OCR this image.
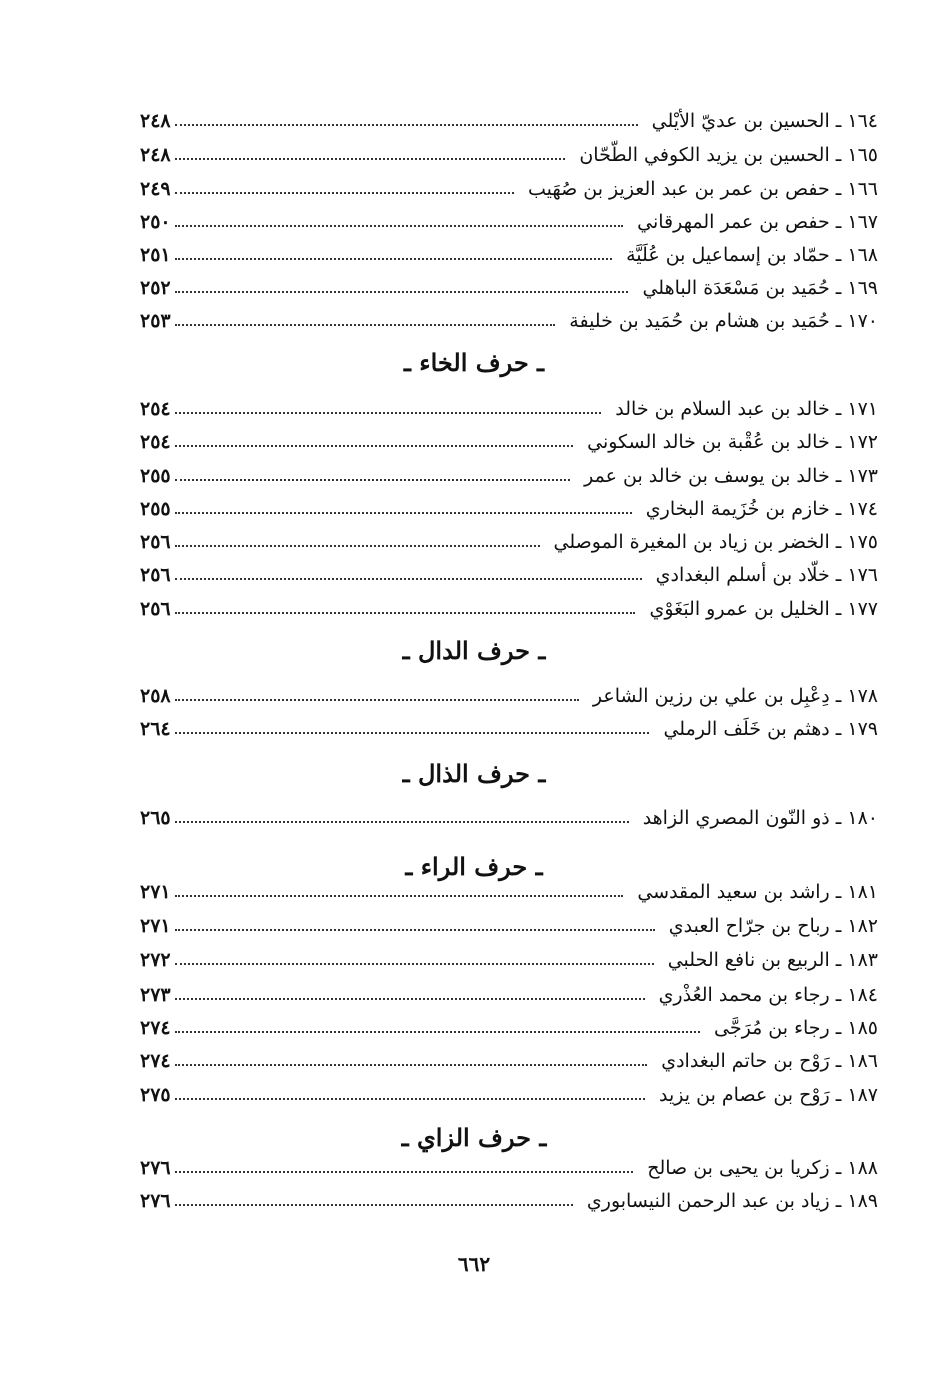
٦٦٢
١٦٤ ـ الحسين بن عديّ الأيْلي
٢٤٨
١٦٥ ـ الحسين بن يزيد الكوفي الطّحّان
٢٤٨
١٦٦ ـ حفص بن عمر بن عبد العزيز بن صُهَيب
٢٤٩
١٦٧ ـ حفص بن عمر المهرقاني
٢٥٠
١٦٨ ـ حمّاد بن إسماعيل بن عُلَيَّة
٢٥١
١٦٩ ـ حُمَيد بن مَسْعَدَة الباهلي
٢٥٢
١٧٠ ـ حُمَيد بن هشام بن حُمَيد بن خليفة
٢٥٣
ـ حرف الخاء ـ
١٧١ ـ خالد بن عبد السلام بن خالد
٢٥٤
١٧٢ ـ خالد بن عُقْبة بن خالد السكوني
٢٥٤
١٧٣ ـ خالد بن يوسف بن خالد بن عمر
٢٥٥
١٧٤ ـ خازم بن خُزَيمة البخاري
٢٥٥
١٧٥ ـ الخضر بن زياد بن المغيرة الموصلي
٢٥٦
١٧٦ ـ خلّاد بن أسلم البغدادي
٢٥٦
١٧٧ ـ الخليل بن عمرو البَغَوْي
٢٥٦
ـ حرف الدال ـ
١٧٨ ـ دِعْبِل بن علي بن رزين الشاعر
٢٥٨
١٧٩ ـ دهثم بن خَلَف الرملي
٢٦٤
ـ حرف الذال ـ
١٨٠ ـ ذو النّون المصري الزاهد
٢٦٥
ـ حرف الراء ـ
١٨١ ـ راشد بن سعيد المقدسي
٢٧١
١٨٢ ـ رباح بن جرّاح العبدي
٢٧١
١٨٣ ـ الربيع بن نافع الحلبي
٢٧٢
١٨٤ ـ رجاء بن محمد العُذْري
٢٧٣
١٨٥ ـ رجاء بن مُرَجَّى
٢٧٤
١٨٦ ـ رَوْح بن حاتم البغدادي
٢٧٤
١٨٧ ـ رَوْح بن عصام بن يزيد
٢٧٥
ـ حرف الزاي ـ
١٨٨ ـ زكريا بن يحيى بن صالح
٢٧٦
١٨٩ ـ زياد بن عبد الرحمن النيسابوري
٢٧٦
